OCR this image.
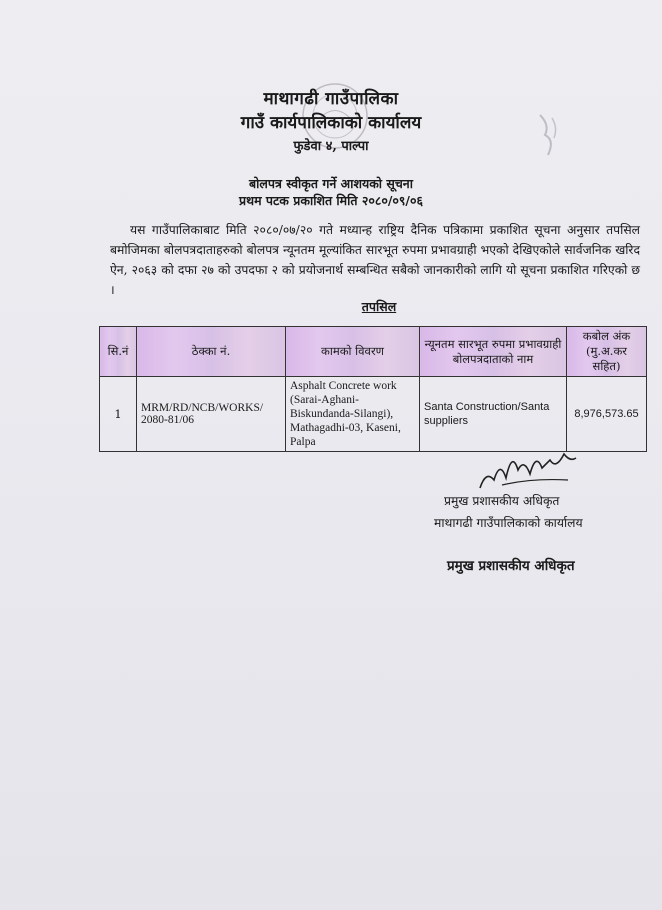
माथागढी गाउँपालिका
गाउँ कार्यपालिकाको कार्यालय
फुडेवा ४, पाल्पा
बोलपत्र स्वीकृत गर्ने आशयको सूचना
प्रथम पटक प्रकाशित मिति २०८०/०९/०६
यस गाउँपालिकाबाट मिति २०८०/०७/२० गते मध्यान्ह राष्ट्रिय दैनिक पत्रिकामा प्रकाशित सूचना अनुसार तपसिल बमोजिमका बोलपत्रदाताहरुको बोलपत्र न्यूनतम मूल्यांकित सारभूत रुपमा प्रभावग्राही भएको देखिएकोले सार्वजनिक खरिद ऐन, २०६३ को दफा २७ को उपदफा २ को प्रयोजनार्थ सम्बन्धित सबैको जानकारीको लागि यो सूचना प्रकाशित गरिएको छ ।
तपसिल
सि.नं	ठेक्का नं.	कामको विवरण	न्यूनतम सारभूत रुपमा प्रभावग्राही बोलपत्रदाताको नाम	कबोल अंक (मु.अ.कर सहित)
1	MRM/RD/NCB/WORKS/ 2080-81/06	Asphalt Concrete work (Sarai-Aghani-Biskundanda-Silangi), Mathagadhi-03, Kaseni, Palpa	Santa Construction/Santa suppliers	8,976,573.65
प्रमुख प्रशासकीय अधिकृत
माथागढी गाउँपालिकाको कार्यालय
प्रमुख प्रशासकीय अधिकृत
